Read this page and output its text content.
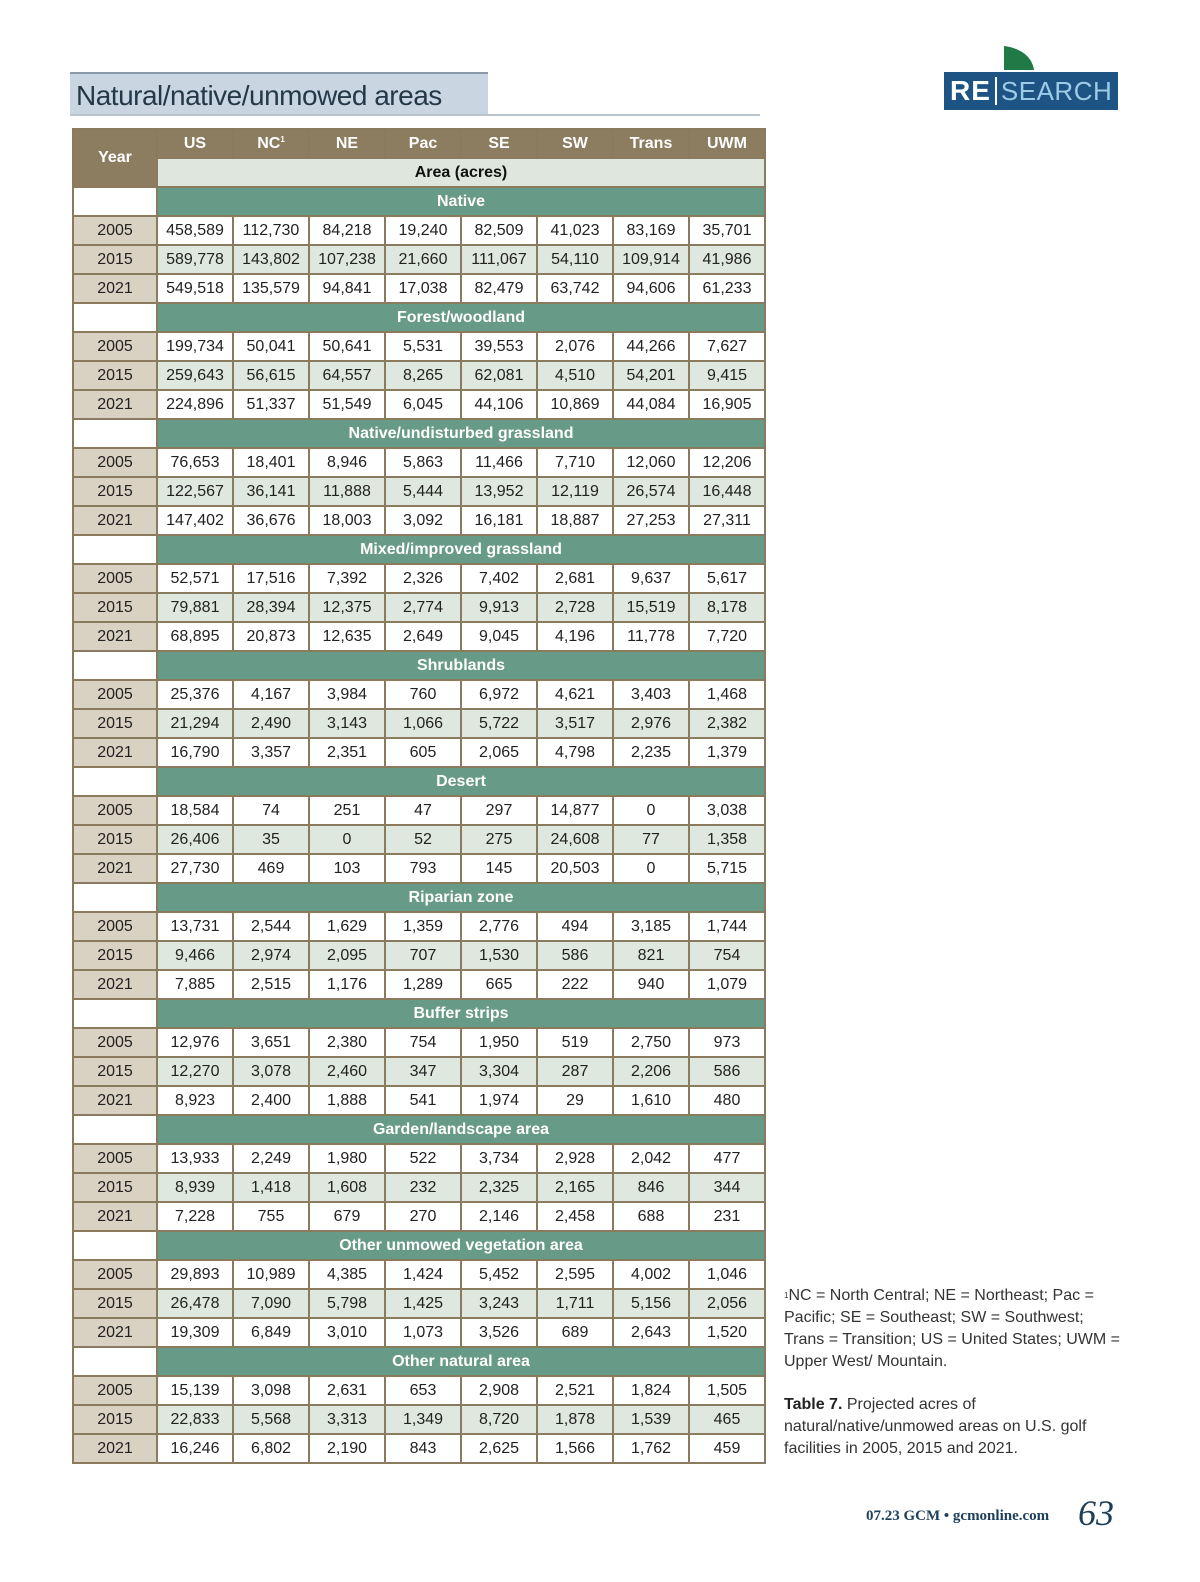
Natural/native/unmowed areas	RE SEARCH
Year	US	$NC^1$	NE	Pac	SE	SW	Trans	UWM
	Area (acres)							
	Native							
2005	458,589	112,730	84,218	19,240	82,509	41,023	83,169	35,701
2015	589,778	143,802	107,238	21,660	111,067	54,110	109,914	41,986
2021	549,518	135,579	94,841	17,038	82,479	63,742	94,606	61,233
	Forest/woodland							
2005	199,734	50,041	50,641	5,531	39,553	2,076	44,266	7,627
2015	259,643	56,615	64,557	8,265	62,081	4,510	54,201	9,415
2021	224,896	51,337	51,549	6,045	44,106	10,869	44,084	16,905
	Native/undisturbed grassland							
2005	76,653	18,401	8,946	5,863	11,466	7,710	12,060	12,206
2015	122,567	36,141	11,888	5,444	13,952	12,119	26,574	16,448
2021	147,402	36,676	18,003	3,092	16,181	18,887	27,253	27,311
	Mixed/improved grassland							
2005	52,571	17,516	7,392	2,326	7,402	2,681	9,637	5,617
2015	79,881	28,394	12,375	2,774	9,913	2,728	15,519	8,178
2021	68,895	20,873	12,635	2,649	9,045	4,196	11,778	7,720
	Shrublands							
2005	25,376	4,167	3,984	760	6,972	4,621	3,403	1,468
2015	21,294	2,490	3,143	1,066	5,722	3,517	2,976	2,382
2021	16,790	3,357	2,351	605	2,065	4,798	2,235	1,379
	Desert							
2005	18,584	74	251	47	297	14,877	0	3,038
2015	26,406	35	0	52	275	24,608	77	1,358
2021	27,730	469	103	793	145	20,503	0	5,715
	Riparian zone							
2005	13,731	2,544	1,629	1,359	2,776	494	3,185	1,744
2015	9,466	2,974	2,095	707	1,530	586	821	754
2021	7,885	2,515	1,176	1,289	665	222	940	1,079
	Buffer strips							
2005	12,976	3,651	2,380	754	1,950	519	2,750	973
2015	12,270	3,078	2,460	347	3,304	287	2,206	586
2021	8,923	2,400	1,888	541	1,974	29	1,610	480
	Garden/landscape area							
2005	13,933	2,249	1,980	522	3,734	2,928	2,042	477
2015	8,939	1,418	1,608	232	2,325	2,165	846	344
2021	7,228	755	679	270	2,146	2,458	688	231
	Other unmowed vegetation area							
2005	29,893	10,989	4,385	1,424	5,452	2,595	4,002	1,046
2015	26,478	7,090	5,798	1,425	3,243	1,711	5,156	2,056
2021	19,309	6,849	3,010	1,073	3,526	689	2,643	1,520
	Other natural area							
2005	15,139	3,098	2,631	653	2,908	2,521	1,824	1,505
2015	22,833	5,568	3,313	1,349	8,720	1,878	1,539	465
2021	16,246	6,802	2,190	843	2,625	1,566	1,762	459
$^1$NC = North Central; NE = Northeast; Pac = Pacific; SE = Southeast; SW = Southwest; Trans = Transition; US = United States; UWM = Upper West/ Mountain.
Table 7. Projected acres of natural/native/unmowed areas on U.S. golf facilities in 2005, 2015 and 2021.
07.23 GCM • gcmonline.com 63
